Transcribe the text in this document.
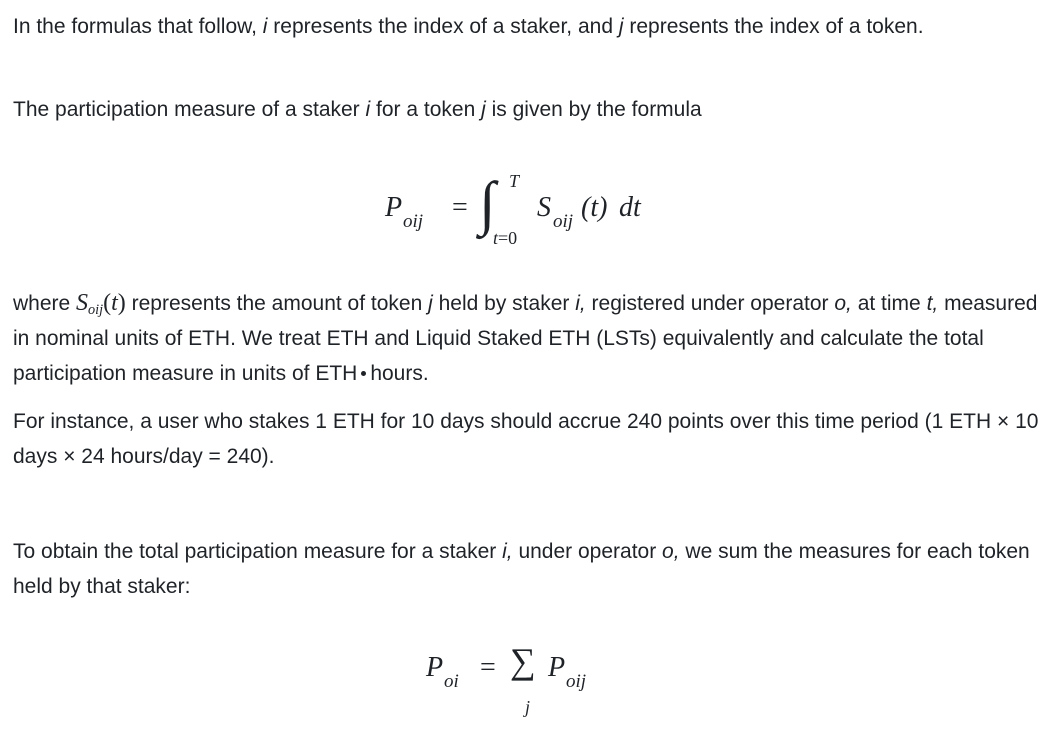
In the formulas that follow, i represents the index of a staker, and j represents the index of a token.

The participation measure of a staker i for a token j is given by the formula

P oij = ∫ T
t=0
S oij (t) dt

where $S_{oij}(t)$ represents the amount of token j held by staker i, registered under operator o, at time t, measured in nominal units of ETH. We treat ETH and Liquid Staked ETH (LSTs) equivalently and calculate the total participation measure in units of ETH hours.

For instance, a user who stakes 1 ETH for 10 days should accrue 240 points over this time period (1 ETH × 10 days × 24 hours/day = 240).

To obtain the total participation measure for a staker i, under operator o, we sum the measures for each token held by that staker:

P oi = ∑
j
P oij
